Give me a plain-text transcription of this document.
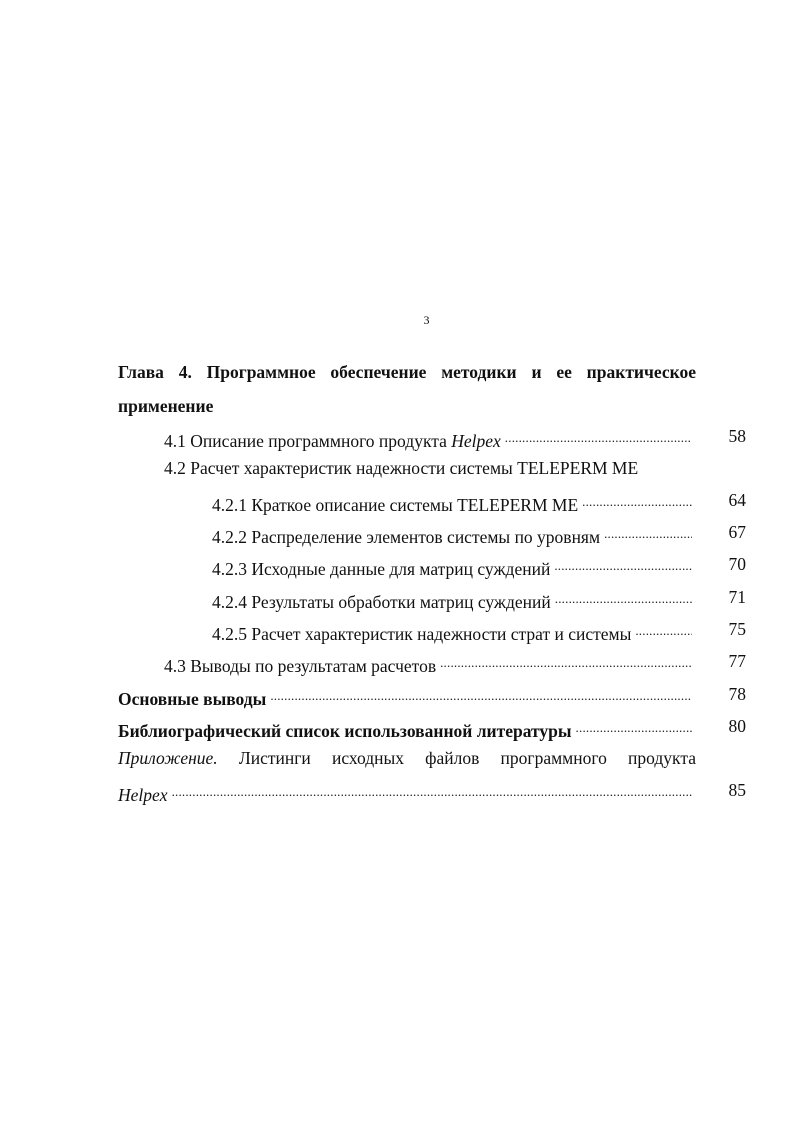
3
Глава 4. Программное обеспечение методики и ее практическое
применение
4.1 Описание программного продукта Helpex .....	58
4.2 Расчет характеристик надежности системы TELEPERM ME
4.2.1 Краткое описание системы TELEPERM ME .....	64
4.2.2 Распределение элементов системы по уровням .....	67
4.2.3 Исходные данные для матриц суждений .....	70
4.2.4 Результаты обработки матриц суждений .....	71
4.2.5 Расчет характеристик надежности страт и системы .....	75
4.3 Выводы по результатам расчетов .....	77
Основные выводы .....	78
Библиографический список использованной литературы .....	80
Приложение. Листинги исходных файлов программного продукта
Helpex .....	85
